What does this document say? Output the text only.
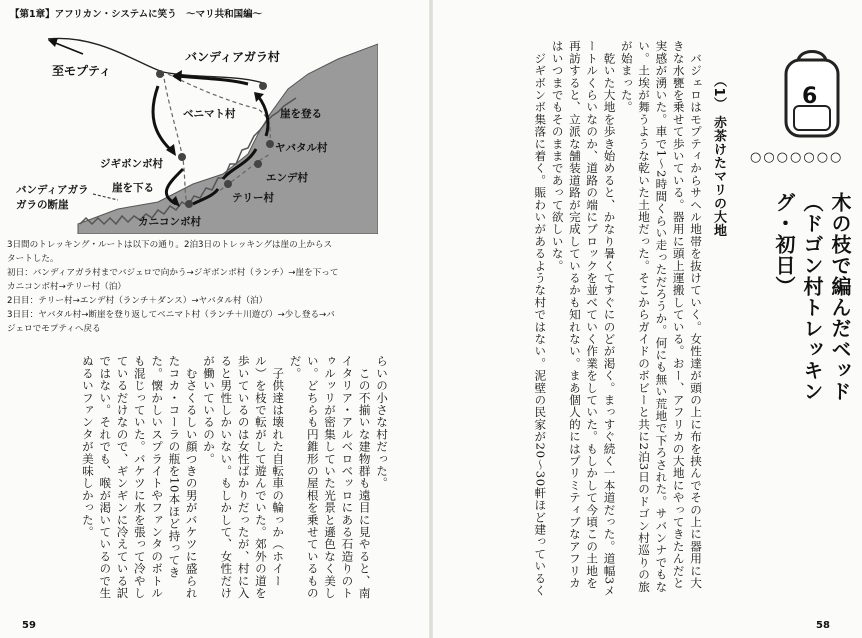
【第1章】アフリカン・システムに笑う　〜マリ共和国編〜
至モプティ
バンディアガラ村
ベニマト村	崖を登る
ヤバタル村
ジギボンボ村
エンデ村
崖を下る
テリー村
バンディアガラ
ガラの断崖
カニコンボ村
3日間のトレッキング・ルートは以下の通り。2泊3日のトレッキングは崖の上からス
タートした。
初日：バンディアガラ村までバジェロで向かう→ジギボンボ村（ランチ）→崖を下って
カニコンボ村→テリー村（泊）
2日目：テリー村→エンデ村（ランチ＋ダンス）→ヤバタル村（泊）
3日目：ヤバタル村→断崖を登り返してベニマト村（ランチ＋川遊び）→少し登る→バ
ジェロでモプティへ戻る
らいの小さな村だった。
　この不揃いな建物群も遠目に見やると、南イタリア・アルベロベッロにある石造りのトゥルッリが密集していた光景と遜色なく美しい。どちらも円錐形の屋根を乗せているものだ。
　子供達は壊れた自転車の輪っか（ホイール）を枝で転がして遊んでいた。郊外の道を歩いているのは女性ばかりだったが、村に入ると男性しかいない。もしかして、女性だけが働いているのか。
　むさくるしい顔つきの男がバケツに盛られたコカ・コーラの瓶を10本ほど持ってきた。懐かしいスプライトやファンタのボトルも混じっていた。バケツに水を張って冷やしているだけなので、ギンギンに冷えている訳ではない。それでも、喉が渇いているので生ぬるいファンタが美味しかった。
59
6
○○○○○○○
木の枝で編んだベッド （ドゴン村トレッキング・初日）
（1） 赤茶けたマリの大地
　バジェロはモプティからサヘル地帯を抜けていく。女性達が頭の上に布を挟んでその上に器用に大きな水甕を乗せて歩いている。器用に頭上運搬している。おー、アフリカの大地にやってきたんだと実感が湧いた。車で1〜2時間くらい走っただろうか。何にも無い荒地で下ろされた。サバンナでもない。土埃が舞うような乾いた土地だった。そこからガイドのボビーと共に2泊3日のドゴン村巡りの旅が始まった。
　乾いた大地を歩き始めると、かなり暑くてすぐにのどが渇く。まっすぐ続く一本道だった。道幅3メートルくらいなのか、道路の端にブロックを並べていく作業をしていた。もしかして今頃この土地を再訪すると、立派な舗装道路が完成しているかも知れない。まあ個人的にはプリミティブなアフリカはいつまでもそのままであって欲しいな。
　ジギボンボ集落に着く。賑わいがあるような村ではない。泥壁の民家が20〜30軒ほど建っているく
58
